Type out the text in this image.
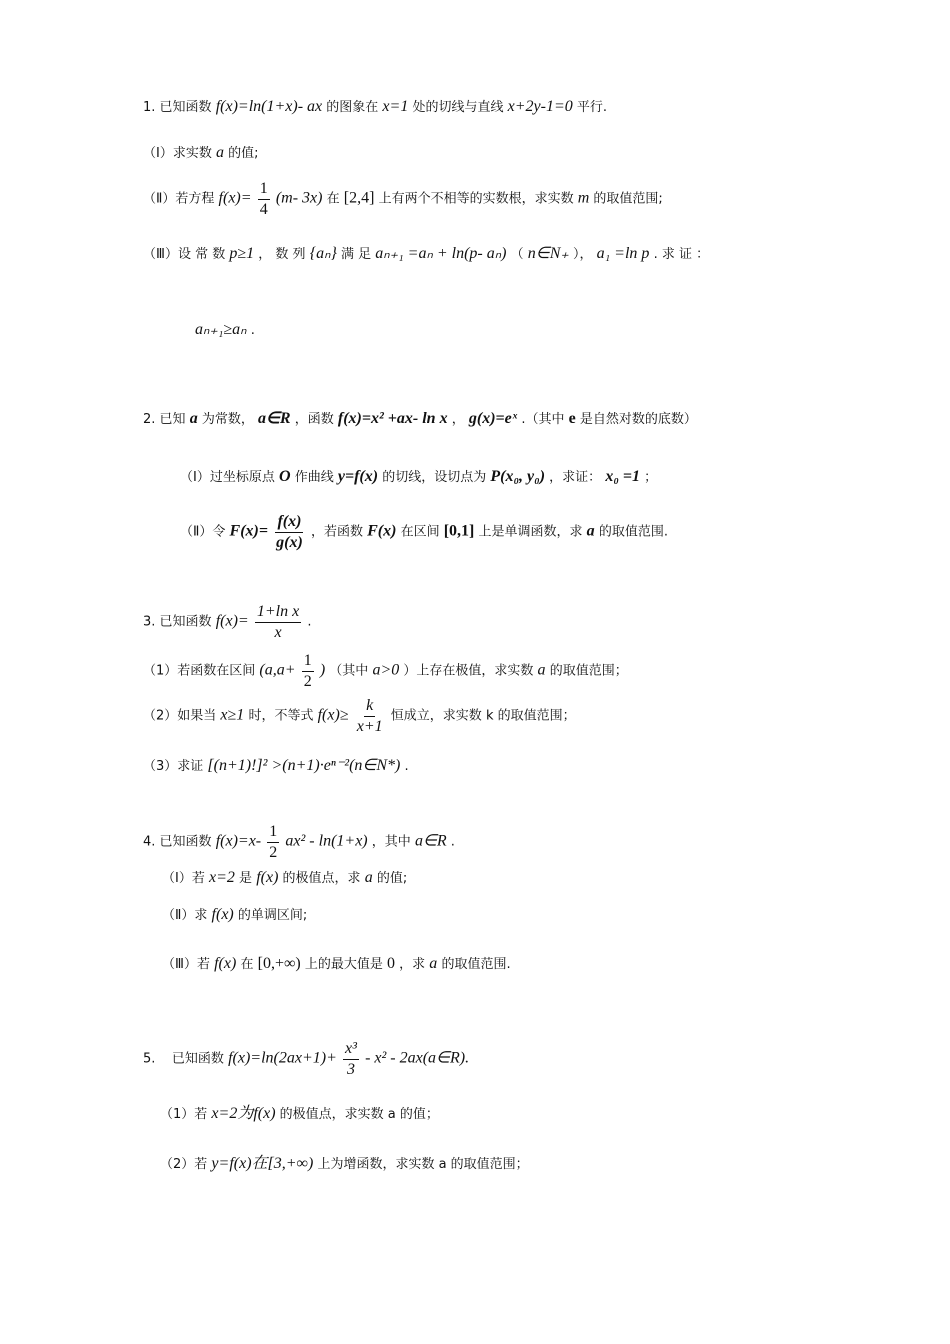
1. 已知函数 f(x)=ln(1+x)- ax 的图象在 x=1 处的切线与直线 x+2y-1=0 平行.
（Ⅰ）求实数 a 的值;
（Ⅱ）若方程 $f(x)= \frac{1}{4} (m-$ 3x) 在 [2,4] 上有两个不相等的实数根，求实数 m 的取值范围;
（Ⅲ）设 常 数 p≥1 ， 数 列 {aₙ} 满 足 aₙ₊₁ =aₙ + ln(p- aₙ) （ n∈N₊ ）， a₁ =ln p . 求 证 ：
aₙ₊₁≥aₙ .
2. 已知 a 为常数， a∈R ，函数 f(x)=x² +ax- ln x ， g(x)=eˣ .（其中 e 是自然对数的底数）
（Ⅰ）过坐标原点 O 作曲线 y=f(x) 的切线，设切点为 P(x₀, y₀) ，求证： x₀ =1 ；
（Ⅱ）令 $F(x)= \frac{f(x)}{g(x)}$ ，若函数 F(x) 在区间 [0,1] 上是单调函数，求 a 的取值范围.
3. 已知函数 $f(x)= \frac{\text{1+ln x}}{x}$ .
（1）若函数在区间 ($a,a+ \frac{1}{2}$ ) （其中 a>0 ）上存在极值，求实数 a 的取值范围；
（2）如果当 x≥1 时，不等式 $f(x)\ge \frac{k}{x+1}$ 恒成立，求实数 k 的取值范围；
（3）求证 [(n+1)!]² >(n+1)·eⁿ⁻²(n∈N*) .
4. 已知函数 $f(x)=x- \frac{1}{2} ax^2 - \ln(1+x)$ ，其中 a∈R .
（Ⅰ）若 x=2 是 f(x) 的极值点，求 a 的值;
（Ⅱ）求 f(x) 的单调区间;
（Ⅲ）若 f(x) 在 [0,+∞) 上的最大值是 0 ，求 a 的取值范围.
5.    已知函数 $f(x)=\ln(2ax+1)+ \frac{\text{x³}}{3} - x^2$ - 2ax(a∈R).
（1）若 x=2为f(x) 的极值点，求实数 a 的值；
（2）若 y=f(x)在[3,+∞) 上为增函数，求实数 a 的取值范围；
